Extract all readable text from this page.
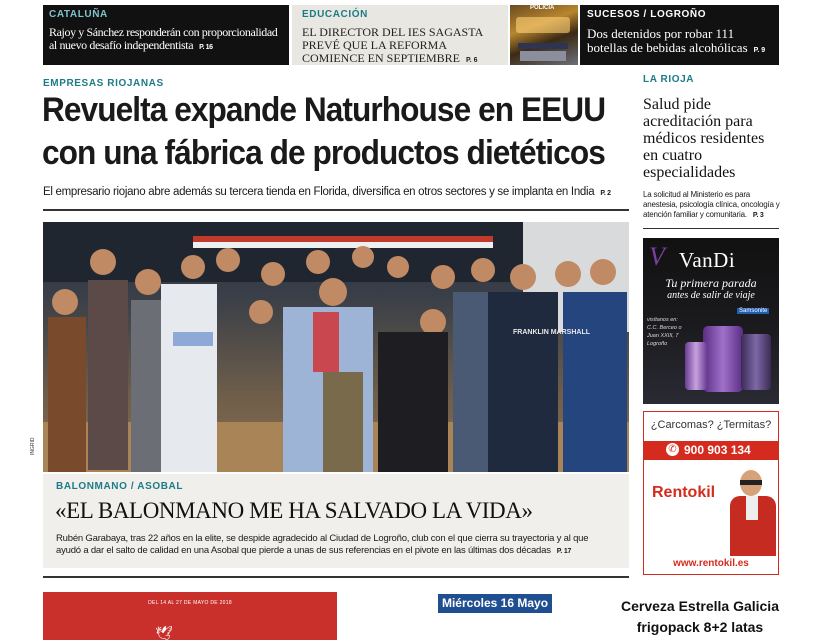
CATALUÑA
Rajoy y Sánchez responderán con proporcionalidad al nuevo desafío independentista P. 16
EDUCACIÓN
EL DIRECTOR DEL IES SAGASTA PREVÉ QUE LA REFORMA COMIENCE EN SEPTIEMBRE P. 6
POLICÍA
SUCESOS / LOGROÑO
Dos detenidos por robar 111 botellas de bebidas alcohólicas P. 9
EMPRESAS RIOJANAS
Revuelta expande Naturhouse en EEUU
con una fábrica de productos dietéticos
El empresario riojano abre además su tercera tienda en Florida, diversifica en otros sectores y se implanta en India P. 2
LA RIOJA
Salud pide acreditación para médicos residentes en cuatro especialidades
La solicitud al Ministerio es para anestesia, psicología clínica, oncología y atención familiar y comunitaria. P. 3
FRANKLIN MARSHALL
INGRID
BALONMANO / ASOBAL
«EL BALONMANO ME HA SALVADO LA VIDA»
Rubén Garabaya, tras 22 años en la elite, se despide agradecido al Ciudad de Logroño, club con el que cierra su trayectoria y al que ayudó a dar el salto de calidad en una Asobal que pierde a unas de sus referencias en el pivote en las últimas dos décadas P. 17
V VanDi
Tu primera parada
antes de salir de viaje
Samsonite
visítanos en: C.C. Berceo o Juan XXIII, 7 Logroño
¿Carcomas? ¿Termitas?
✆ 900 903 134
Rentokil
www.rentokil.es
DEL 14 AL 27 DE MAYO DE 2018
🕊
Miércoles 16 Mayo	Cerveza Estrella Galicia
frigopack 8+2 latas
